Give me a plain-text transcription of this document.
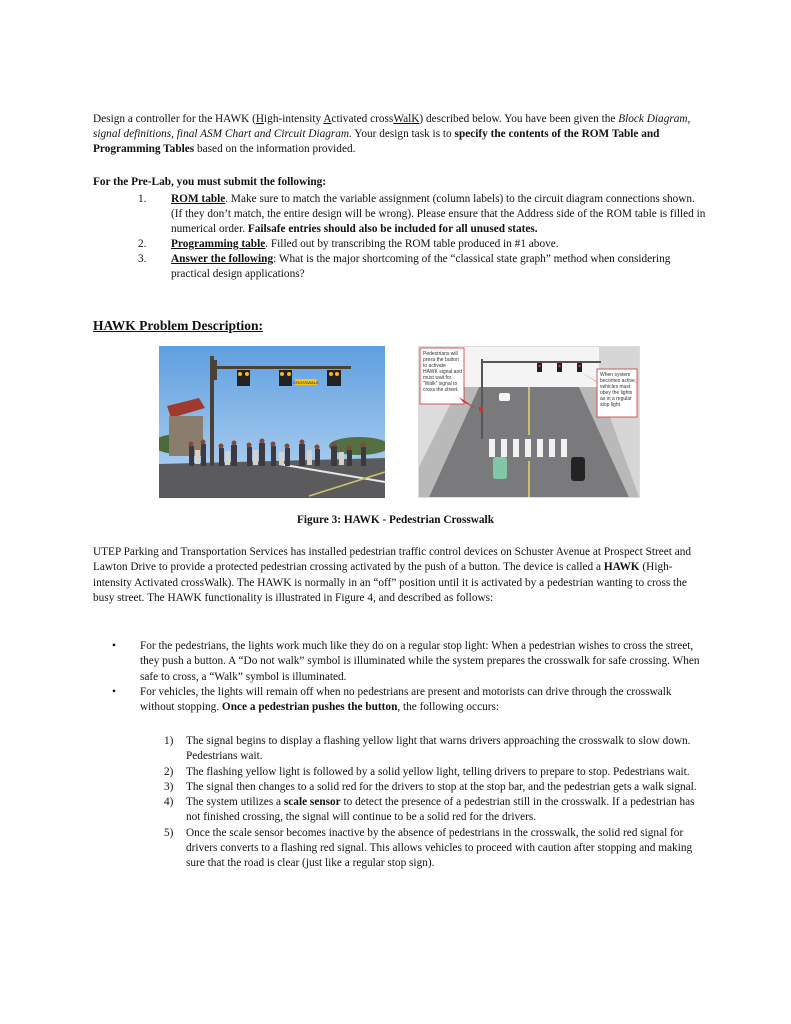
Design a controller for the HAWK (High-intensity Activated crossWalK) described below. You have been given the Block Diagram, signal definitions, final ASM Chart and Circuit Diagram. Your design task is to specify the contents of the ROM Table and Programming Tables based on the information provided.
For the Pre-Lab, you must submit the following:
1.	ROM table. Make sure to match the variable assignment (column labels) to the circuit diagram connections shown. (If they don’t match, the entire design will be wrong). Please ensure that the Address side of the ROM table is filled in numerical order. Failsafe entries should also be included for all unused states.
2.	Programming table. Filled out by transcribing the ROM table produced in #1 above.
3.	Answer the following: What is the major shortcoming of the “classical state graph” method when considering practical design applications?
HAWK Problem Description:
CROSSWALK
Pedestrians will
press the button
to activate
HAWK signal and
must wait for
“Walk” signal to
cross the street.
When system
becomes active,
vehicles must
obey the lights
as in a regular
stop light
Figure 3: HAWK - Pedestrian Crosswalk
UTEP Parking and Transportation Services has installed pedestrian traffic control devices on Schuster Avenue at Prospect Street and Lawton Drive to provide a protected pedestrian crossing activated by the push of a button. The device is called a HAWK (High-intensity Activated crossWalk). The HAWK is normally in an “off” position until it is activated by a pedestrian wanting to cross the busy street. The HAWK functionality is illustrated in Figure 4, and described as follows:
•	For the pedestrians, the lights work much like they do on a regular stop light: When a pedestrian wishes to cross the street, they push a button. A “Do not walk” symbol is illuminated while the system prepares the crosswalk for safe crossing. When safe to cross, a “Walk” symbol is illuminated.
•	For vehicles, the lights will remain off when no pedestrians are present and motorists can drive through the crosswalk without stopping. Once a pedestrian pushes the button, the following occurs:
1)	The signal begins to display a flashing yellow light that warns drivers approaching the crosswalk to slow down. Pedestrians wait.
2)	The flashing yellow light is followed by a solid yellow light, telling drivers to prepare to stop. Pedestrians wait.
3)	The signal then changes to a solid red for the drivers to stop at the stop bar, and the pedestrian gets a walk signal.
4)	The system utilizes a scale sensor to detect the presence of a pedestrian still in the crosswalk. If a pedestrian has not finished crossing, the signal will continue to be a solid red for the drivers.
5)	Once the scale sensor becomes inactive by the absence of pedestrians in the crosswalk, the solid red signal for drivers converts to a flashing red signal. This allows vehicles to proceed with caution after stopping and making sure that the road is clear (just like a regular stop sign).
